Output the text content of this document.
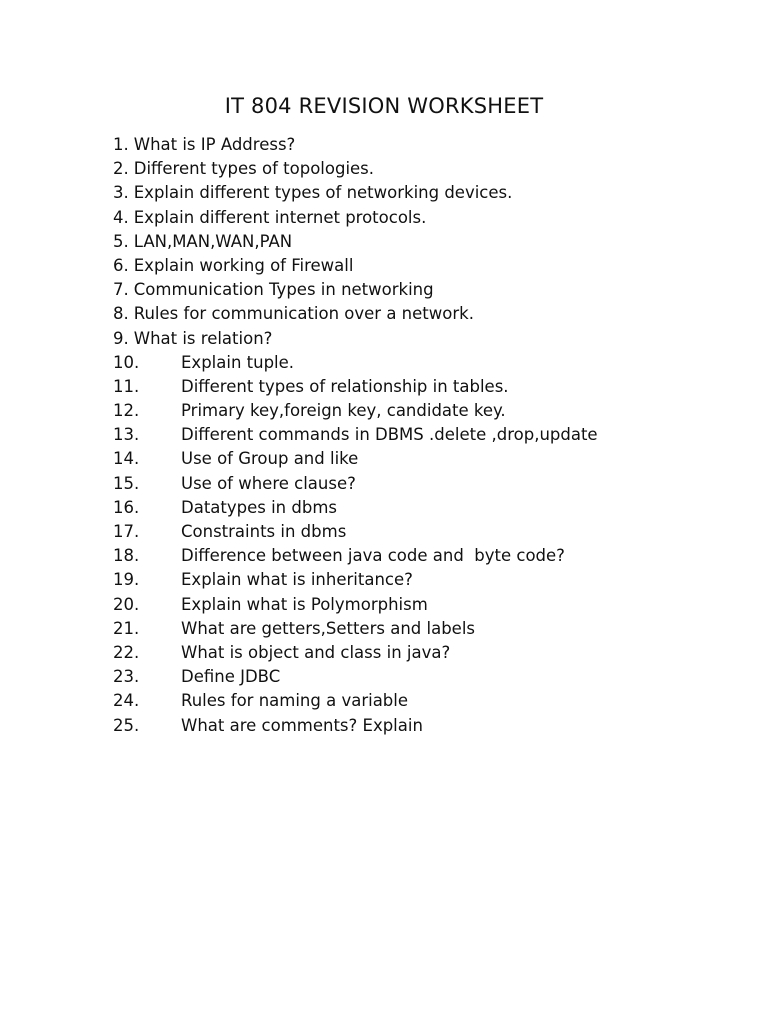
IT 804 REVISION WORKSHEET
1. What is IP Address?
2. Different types of topologies.
3. Explain different types of networking devices.
4. Explain different internet protocols.
5. LAN,MAN,WAN,PAN
6. Explain working of Firewall
7. Communication Types in networking
8. Rules for communication over a network.
9. What is relation?
10.	Explain tuple.
11.	Different types of relationship in tables.
12.	Primary key,foreign key, candidate key.
13.	Different commands in DBMS .delete ,drop,update
14.	Use of Group and like
15.	Use of where clause?
16.	Datatypes in dbms
17.	Constraints in dbms
18.	Difference between java code and  byte code?
19.	Explain what is inheritance?
20.	Explain what is Polymorphism
21.	What are getters,Setters and labels
22.	What is object and class in java?
23.	Define JDBC
24.	Rules for naming a variable
25.	What are comments? Explain
